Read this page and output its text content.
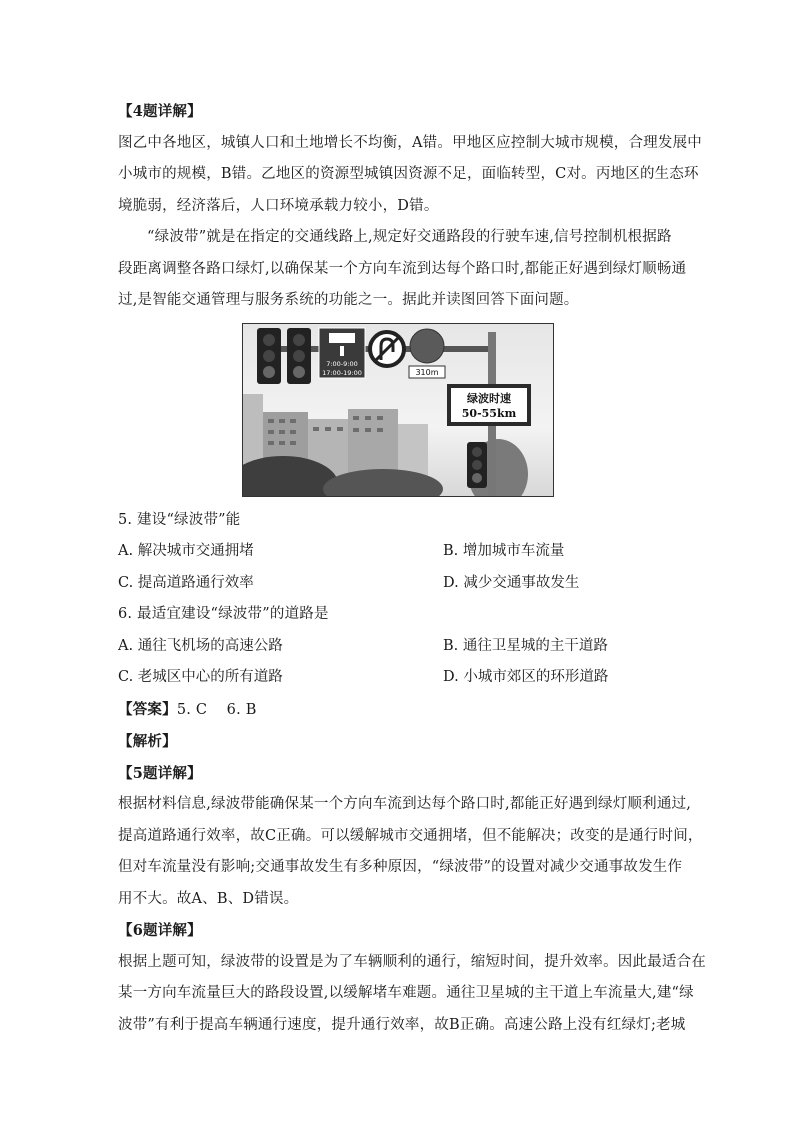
【4题详解】

图乙中各地区，城镇人口和土地增长不均衡，A错。甲地区应控制大城市规模，合理发展中

小城市的规模，B错。乙地区的资源型城镇因资源不足，面临转型，C对。丙地区的生态环

境脆弱，经济落后，人口环境承载力较小，D错。

“绿波带”就是在指定的交通线路上,规定好交通路段的行驶车速,信号控制机根据路

段距离调整各路口绿灯,以确保某一个方向车流到达每个路口时,都能正好遇到绿灯顺畅通

过,是智能交通管理与服务系统的功能之一。据此并读图回答下面问题。

7:00-9:00
17:00-19:00	310m
绿波时速
50-55km

5. 建设“绿波带”能

A. 解决城市交通拥堵	B. 增加城市车流量
C. 提高道路通行效率	D. 减少交通事故发生

6. 最适宜建设“绿波带”的道路是

A. 通往飞机场的高速公路	B. 通往卫星城的主干道路
C. 老城区中心的所有道路	D. 小城市郊区的环形道路

【答案】5. C　 6. B

【解析】

【5题详解】

根据材料信息,绿波带能确保某一个方向车流到达每个路口时,都能正好遇到绿灯顺利通过,

提高道路通行效率，故C正确。可以缓解城市交通拥堵，但不能解决；改变的是通行时间，

但对车流量没有影响;交通事故发生有多种原因，“绿波带”的设置对减少交通事故发生作

用不大。故A、B、D错误。

【6题详解】

根据上题可知，绿波带的设置是为了车辆顺利的通行，缩短时间，提升效率。因此最适合在

某一方向车流量巨大的路段设置,以缓解堵车难题。通往卫星城的主干道上车流量大,建“绿

波带”有利于提高车辆通行速度，提升通行效率，故B正确。高速公路上没有红绿灯;老城
